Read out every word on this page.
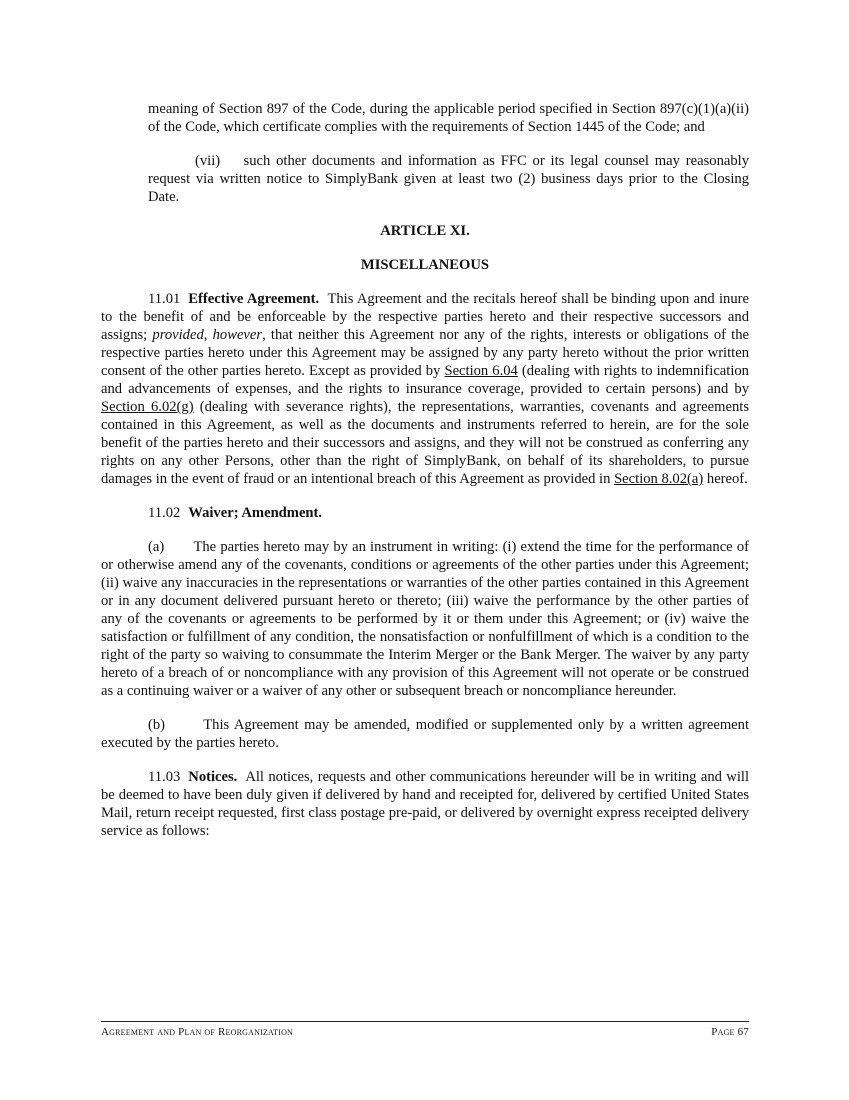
meaning of Section 897 of the Code, during the applicable period specified in Section 897(c)(1)(a)(ii) of the Code, which certificate complies with the requirements of Section 1445 of the Code; and

(vii) such other documents and information as FFC or its legal counsel may reasonably request via written notice to SimplyBank given at least two (2) business days prior to the Closing Date.

ARTICLE XI.

MISCELLANEOUS

11.01 Effective Agreement. This Agreement and the recitals hereof shall be binding upon and inure to the benefit of and be enforceable by the respective parties hereto and their respective successors and assigns; provided, however, that neither this Agreement nor any of the rights, interests or obligations of the respective parties hereto under this Agreement may be assigned by any party hereto without the prior written consent of the other parties hereto. Except as provided by Section 6.04 (dealing with rights to indemnification and advancements of expenses, and the rights to insurance coverage, provided to certain persons) and by Section 6.02(g) (dealing with severance rights), the representations, warranties, covenants and agreements contained in this Agreement, as well as the documents and instruments referred to herein, are for the sole benefit of the parties hereto and their successors and assigns, and they will not be construed as conferring any rights on any other Persons, other than the right of SimplyBank, on behalf of its shareholders, to pursue damages in the event of fraud or an intentional breach of this Agreement as provided in Section 8.02(a) hereof.

11.02 Waiver; Amendment.

(a) The parties hereto may by an instrument in writing: (i) extend the time for the performance of or otherwise amend any of the covenants, conditions or agreements of the other parties under this Agreement; (ii) waive any inaccuracies in the representations or warranties of the other parties contained in this Agreement or in any document delivered pursuant hereto or thereto; (iii) waive the performance by the other parties of any of the covenants or agreements to be performed by it or them under this Agreement; or (iv) waive the satisfaction or fulfillment of any condition, the nonsatisfaction or nonfulfillment of which is a condition to the right of the party so waiving to consummate the Interim Merger or the Bank Merger. The waiver by any party hereto of a breach of or noncompliance with any provision of this Agreement will not operate or be construed as a continuing waiver or a waiver of any other or subsequent breach or noncompliance hereunder.

(b)	This Agreement may be amended, modified or supplemented only by a written agreement executed by the parties hereto.

11.03 Notices. All notices, requests and other communications hereunder will be in writing and will be deemed to have been duly given if delivered by hand and receipted for, delivered by certified United States Mail, return receipt requested, first class postage pre-paid, or delivered by overnight express receipted delivery service as follows:

Agreement and Plan of Reorganization	Page 67
